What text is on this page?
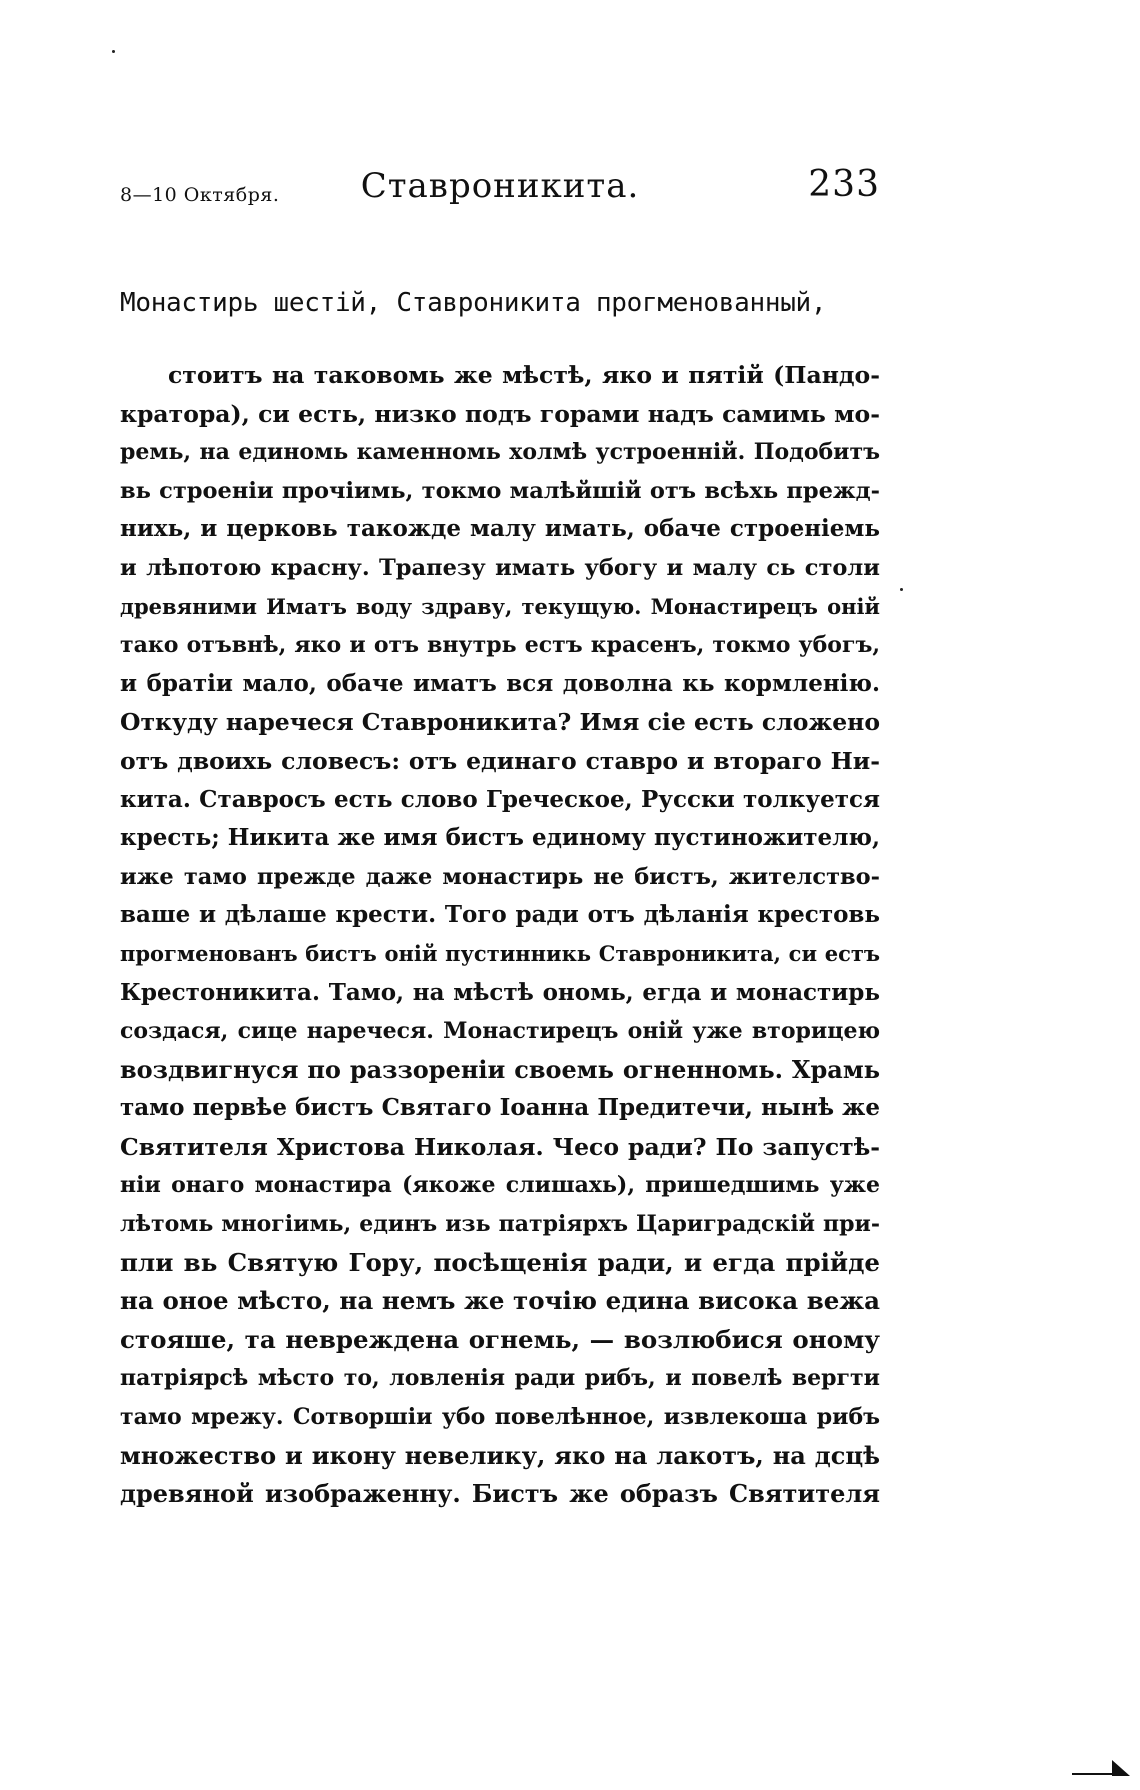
8—10 Октября.	Ставроникита.	233
Монастирь шестій, Ставроникита прогменованный,
стоитъ на таковомь же мѣстѣ, яко и пятій (Пандо-
кратора), си есть, низко подъ горами надъ самимь мо-
ремь, на единомь каменномь холмѣ устроенній. Подобитъ
вь строеніи прочіимь, токмо малѣйшій отъ всѣхь прежд-
нихь, и церковь такожде малу имать, обаче строеніемь
и лѣпотою красну. Трапезу имать убогу и малу сь столи
древяними Иматъ воду здраву, текущую. Монастирецъ оній
тако отъвнѣ, яко и отъ внутрь естъ красенъ, токмо убогъ,
и братіи мало, обаче иматъ вся доволна кь кормленію.
Откуду наречеся Ставроникита? Имя сіе есть сложено
отъ двоихь словесъ: отъ единаго ставро и втораго Ни-
кита. Ставросъ есть слово Греческое, Русски толкуется
кресть; Никита же имя бистъ единому пустиножителю,
иже тамо прежде даже монастирь не бистъ, жителство-
ваше и дѣлаше крести. Того ради отъ дѣланія крестовь
прогменованъ бистъ оній пустинникь Ставроникита, си естъ
Крестоникита. Тамо, на мѣстѣ ономь, егда и монастирь
создася, сице наречеся. Монастирецъ оній уже вторицею
воздвигнуся по раззореніи своемь огненномь. Храмь
тамо первѣе бистъ Святаго Іоанна Предитечи, нынѣ же
Святителя Христова Николая. Чесо ради? По запустѣ-
ніи онаго монастира (якоже слишахь), пришедшимь уже
лѣтомь многіимь, единъ изь патріярхъ Цариградскій при-
пли вь Святую Гору, посѣщенія ради, и егда прійде
на оное мѣсто, на немъ же точію едина висока вежа
стояше, та невреждена огнемь, — возлюбися оному
патріярсѣ мѣсто то, ловленія ради рибъ, и повелѣ вергти
тамо мрежу. Сотворшіи убо повелѣнное, извлекоша рибъ
множество и икону невелику, яко на лакотъ, на дсцѣ
древяной изображенну. Бистъ же образъ Святителя
